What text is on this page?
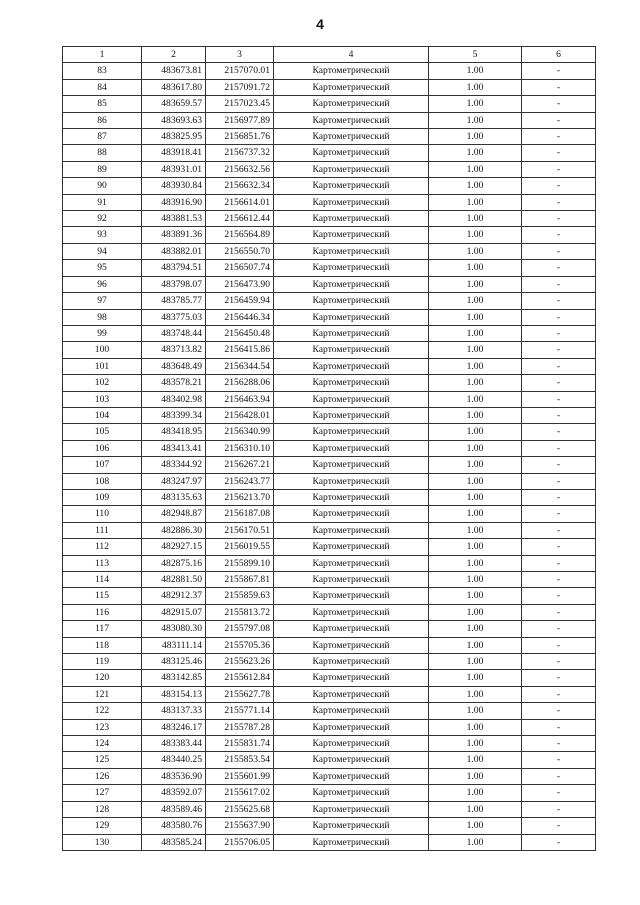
4
1	2	3	4	5	6
83	483673.81	2157070.01	Картометрический	1.00	-
84	483617.80	2157091.72	Картометрический	1.00	-
85	483659.57	2157023.45	Картометрический	1.00	-
86	483693.63	2156977.89	Картометрический	1.00	-
87	483825.95	2156851.76	Картометрический	1.00	-
88	483918.41	2156737.32	Картометрический	1.00	-
89	483931.01	2156632.56	Картометрический	1.00	-
90	483930.84	2156632.34	Картометрический	1.00	-
91	483916.90	2156614.01	Картометрический	1.00	-
92	483881.53	2156612.44	Картометрический	1.00	-
93	483891.36	2156564.89	Картометрический	1.00	-
94	483882.01	2156550.70	Картометрический	1.00	-
95	483794.51	2156507.74	Картометрический	1.00	-
96	483798.07	2156473.90	Картометрический	1.00	-
97	483785.77	2156459.94	Картометрический	1.00	-
98	483775.03	2156446.34	Картометрический	1.00	-
99	483748.44	2156450.48	Картометрический	1.00	-
100	483713.82	2156415.86	Картометрический	1.00	-
101	483648.49	2156344.54	Картометрический	1.00	-
102	483578.21	2156288.06	Картометрический	1.00	-
103	483402.98	2156463.94	Картометрический	1.00	-
104	483399.34	2156428.01	Картометрический	1.00	-
105	483418.95	2156340.99	Картометрический	1.00	-
106	483413.41	2156310.10	Картометрический	1.00	-
107	483344.92	2156267.21	Картометрический	1.00	-
108	483247.97	2156243.77	Картометрический	1.00	-
109	483135.63	2156213.70	Картометрический	1.00	-
110	482948.87	2156187.08	Картометрический	1.00	-
111	482886.30	2156170.51	Картометрический	1.00	-
112	482927.15	2156019.55	Картометрический	1.00	-
113	482875.16	2155899.10	Картометрический	1.00	-
114	482881.50	2155867.81	Картометрический	1.00	-
115	482912.37	2155859.63	Картометрический	1.00	-
116	482915.07	2155813.72	Картометрический	1.00	-
117	483080.30	2155797.08	Картометрический	1.00	-
118	483111.14	2155705.36	Картометрический	1.00	-
119	483125.46	2155623.26	Картометрический	1.00	-
120	483142.85	2155612.84	Картометрический	1.00	-
121	483154.13	2155627.78	Картометрический	1.00	-
122	483137.33	2155771.14	Картометрический	1.00	-
123	483246.17	2155787.28	Картометрический	1.00	-
124	483383.44	2155831.74	Картометрический	1.00	-
125	483440.25	2155853.54	Картометрический	1.00	-
126	483536.90	2155601.99	Картометрический	1.00	-
127	483592.07	2155617.02	Картометрический	1.00	-
128	483589.46	2155625.68	Картометрический	1.00	-
129	483580.76	2155637.90	Картометрический	1.00	-
130	483585.24	2155706.05	Картометрический	1.00	-
